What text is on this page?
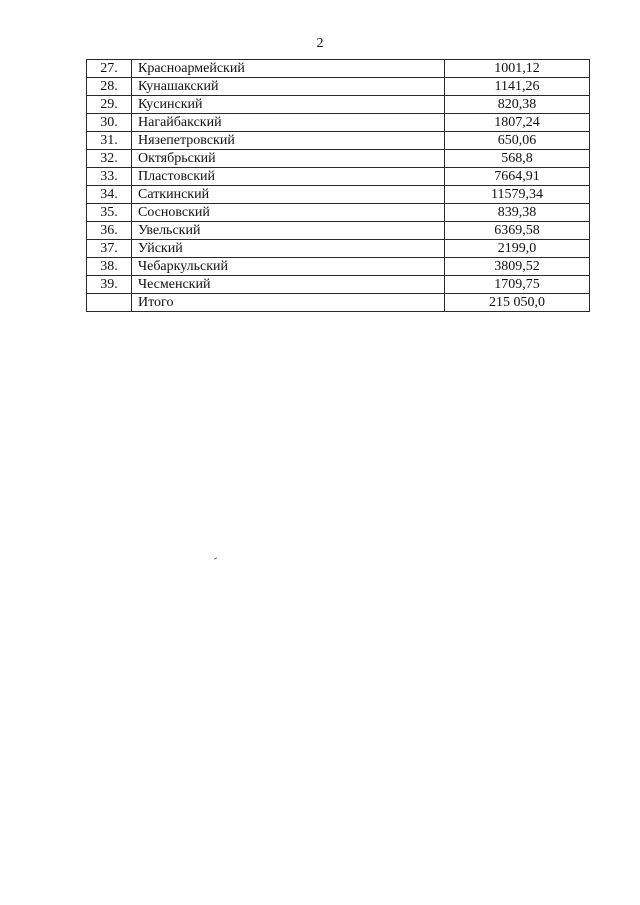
2
27.	Красноармейский	1001,12
28.	Кунашакский	1141,26
29.	Кусинский	820,38
30.	Нагайбакский	1807,24
31.	Нязепетровский	650,06
32.	Октябрьский	568,8
33.	Пластовский	7664,91
34.	Саткинский	11579,34
35.	Сосновский	839,38
36.	Увельский	6369,58
37.	Уйский	2199,0
38.	Чебаркульский	3809,52
39.	Чесменский	1709,75
	Итого	215 050,0
